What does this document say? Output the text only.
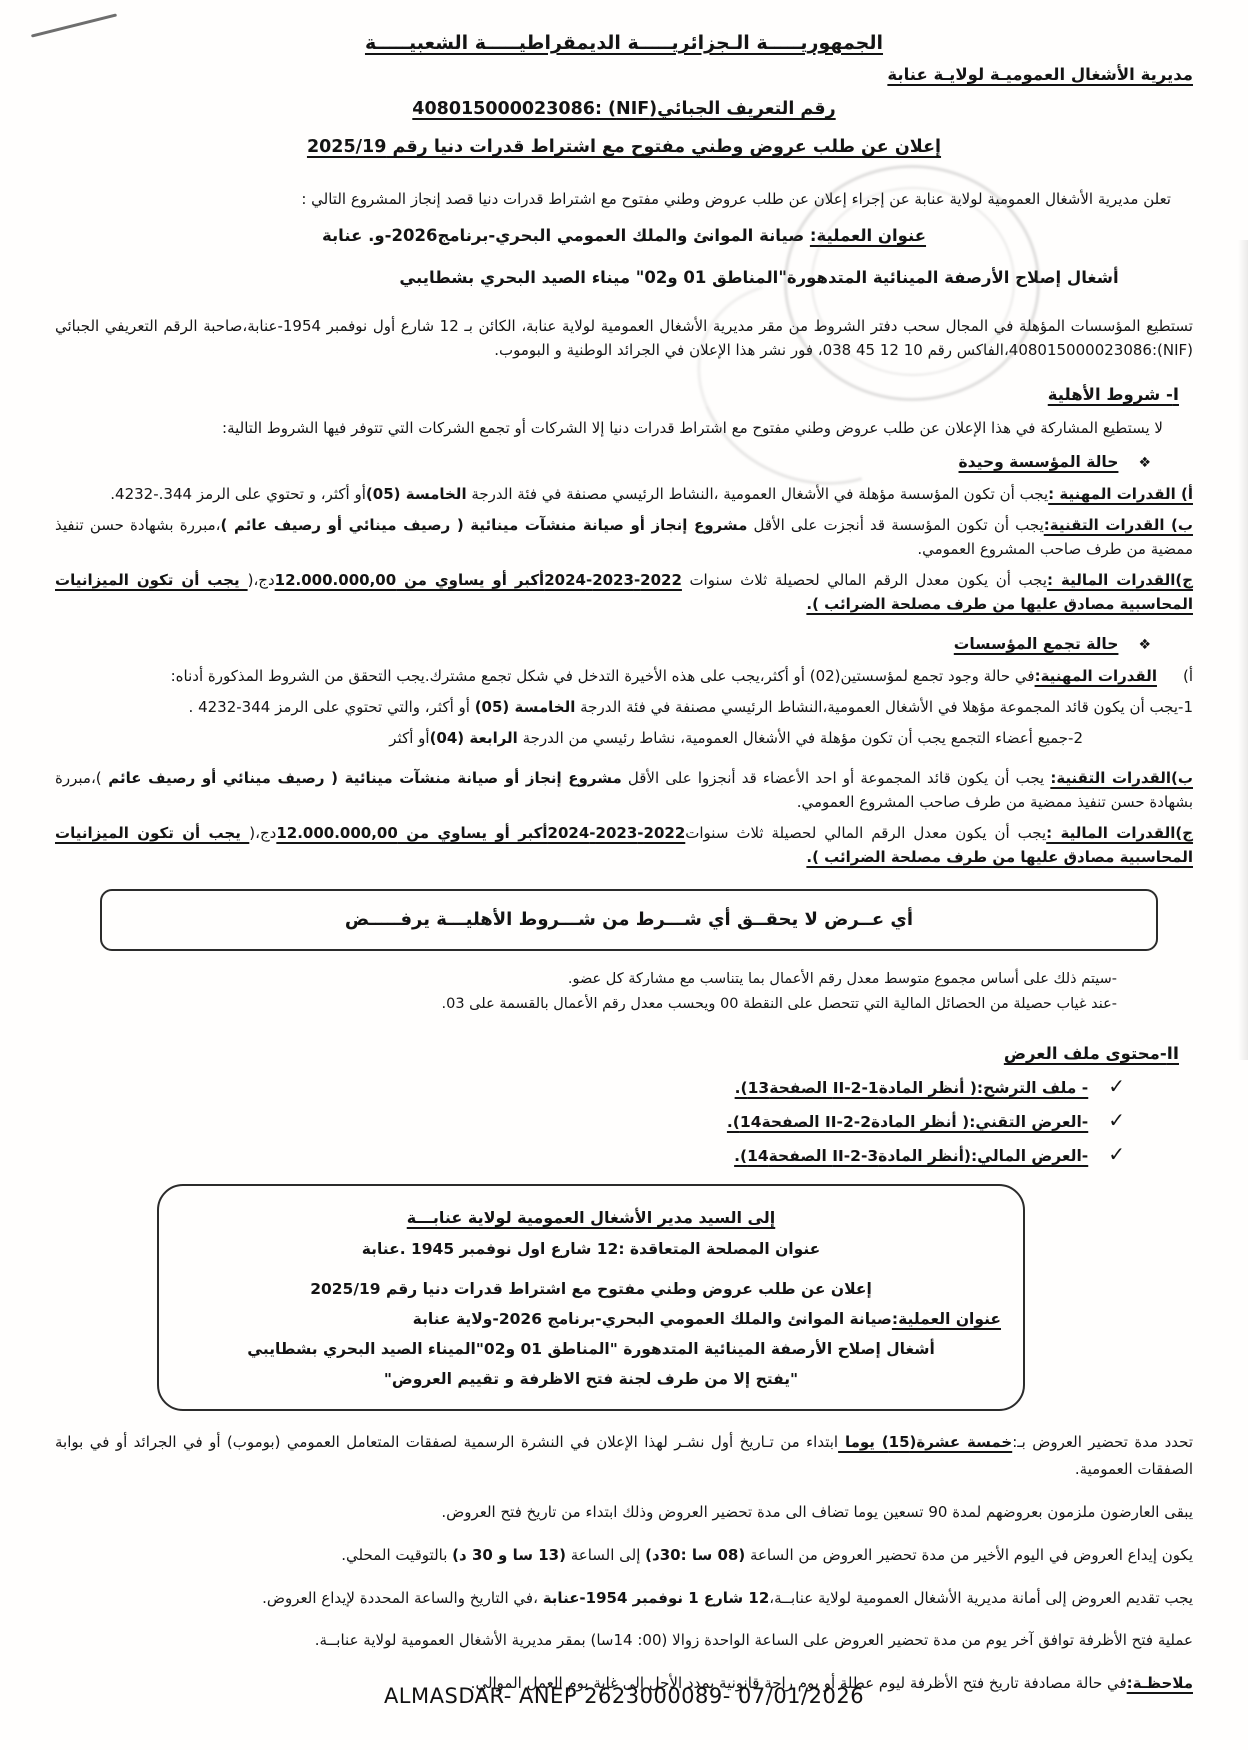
الجمهوريـــــة الـجزائريـــــة الديمقراطيـــــة الشعبيـــــة
مديرية الأشغال العموميـة لولايـة عنابة
رقم التعريف الجبائي(NIF) :408015000023086
إعلان عن طلب عروض وطني مفتوح مع اشتراط قدرات دنيا رقم 2025/19
تعلن مديرية الأشغال العمومية لولاية عنابة عن إجراء إعلان عن طلب عروض وطني مفتوح مع اشتراط قدرات دنيا قصد إنجاز المشروع التالي :
عنوان العملية: صيانة الموانئ والملك العمومي البحري-برنامج2026-و. عنابة
أشغال إصلاح الأرصفة المينائية المتدهورة"المناطق 01 و02" ميناء الصيد البحري بشطايبي
تستطيع المؤسسات المؤهلة في المجال سحب دفتر الشروط من مقر مديرية الأشغال العمومية لولاية عنابة، الكائن بـ 12 شارع أول نوفمبر 1954-عنابة،صاحبة الرقم التعريفي الجبائي (NIF):408015000023086،الفاكس رقم 10 12 45 038، فور نشر هذا الإعلان في الجرائد الوطنية و البوموب.
I- شروط الأهلية
لا يستطيع المشاركة في هذا الإعلان عن طلب عروض وطني مفتوح مع اشتراط قدرات دنيا إلا الشركات أو تجمع الشركات التي تتوفر فيها الشروط التالية:
❖حالة المؤسسة وحيدة

أ) القدرات المهنية :يجب أن تكون المؤسسة مؤهلة في الأشغال العمومية ،النشاط الرئيسي مصنفة في فئة الدرجة الخامسة (05)أو أكثر، و تحتوي على الرمز 344.-4232.

ب) القدرات التقنية:يجب أن تكون المؤسسة قد أنجزت على الأقل مشروع إنجاز أو صيانة منشآت مينائية ( رصيف مينائي أو رصيف عائم )،مبررة بشهادة حسن تنفيذ ممضية من طرف صاحب المشروع العمومي.

ج)القدرات المالية :يجب أن يكون معدل الرقم المالي لحصيلة ثلاث سنوات 2022-2023-2024أكبر أو يساوي من 12.000.000,00دج،( يجب أن تكون الميزانيات المحاسبية مصادق عليها من طرف مصلحة الضرائب ).

❖حالة تجمع المؤسسات

أ)القدرات المهنية:في حالة وجود تجمع لمؤسستين(02) أو أكثر،يجب على هذه الأخيرة التدخل في شكل تجمع مشترك.يجب التحقق من الشروط المذكورة أدناه:

1-يجب أن يكون قائد المجموعة مؤهلا في الأشغال العمومية،النشاط الرئيسي مصنفة في فئة الدرجة الخامسة (05) أو أكثر، والتي تحتوي على الرمز 344-4232 .

2-جميع أعضاء التجمع يجب أن تكون مؤهلة في الأشغال العمومية، نشاط رئيسي من الدرجة الرابعة (04)أو أكثر

ب)القدرات التقنية: يجب أن يكون قائد المجموعة أو احد الأعضاء قد أنجزوا على الأقل مشروع إنجاز أو صيانة منشآت مينائية ( رصيف مينائي أو رصيف عائم )،مبررة بشهادة حسن تنفيذ ممضية من طرف صاحب المشروع العمومي.

ج)القدرات المالية :يجب أن يكون معدل الرقم المالي لحصيلة ثلاث سنوات2022-2023-2024أكبر أو يساوي من 12.000.000,00دج،( يجب أن تكون الميزانيات المحاسبية مصادق عليها من طرف مصلحة الضرائب ).

أي عــرض لا يحقــق أي شـــرط من شـــروط الأهليـــة يرفـــــض
-سيتم ذلك على أساس مجموع متوسط معدل رقم الأعمال بما يتناسب مع مشاركة كل عضو.
-عند غياب حصيلة من الحصائل المالية التي تتحصل على النقطة 00 ويحسب معدل رقم الأعمال بالقسمة على 03.
II-محتوى ملف العرض
✓
- ملف الترشح:( أنظر المادةII-2-1 الصفحة13).
✓
-العرض التقني:( أنظر المادةII-2-2 الصفحة14).
✓
-العرض المالي:(أنظر المادةII-2-3 الصفحة14).
إلى السيد مدير الأشغال العمومية لولاية عنابـــة
عنوان المصلحة المتعاقدة :12 شارع اول نوفمبر 1945 .عنابة
إعلان عن طلب عروض وطني مفتوح مع اشتراط قدرات دنيا رقم 2025/19
عنوان العملية:صيانة الموانئ والملك العمومي البحري-برنامج 2026-ولاية عنابة
أشغال إصلاح الأرصفة المينائية المتدهورة "المناطق 01 و02"الميناء الصيد البحري بشطايبي
"يفتح إلا من طرف لجنة فتح الاظرفة و تقييم العروض"

تحدد مدة تحضير العروض بـ:خمسة عشرة(15) يوما ابتداء من تـاريخ أول نشـر لهذا الإعلان في النشرة الرسمية لصفقات المتعامل العمومي (بوموب) أو في الجرائد أو في بوابة الصفقات العمومية.

يبقى العارضون ملزمون بعروضهم لمدة 90 تسعين يوما تضاف الى مدة تحضير العروض وذلك ابتداء من تاريخ فتح العروض.

يكون إيداع العروض في اليوم الأخير من مدة تحضير العروض من الساعة (08 سا :30د) إلى الساعة (13 سا و 30 د) بالتوقيت المحلي.

يجب تقديم العروض إلى أمانة مديرية الأشغال العمومية لولاية عنابــة،12 شارع 1 نوفمبر 1954-عنابة ،في التاريخ والساعة المحددة لإيداع العروض.

عملية فتح الأظرفة توافق آخر يوم من مدة تحضير العروض على الساعة الواحدة زوالا (00: 14سا) بمقر مديرية الأشغال العمومية لولاية عنابــة.

ملاحظـة:في حالة مصادفة تاريخ فتح الأظرفة ليوم عطلة أو يوم راحة قانونية يمدد الأجل إلى غاية يوم العمل الموالي.

ALMASDAR- ANEP 2623000089- 07/01/2026
